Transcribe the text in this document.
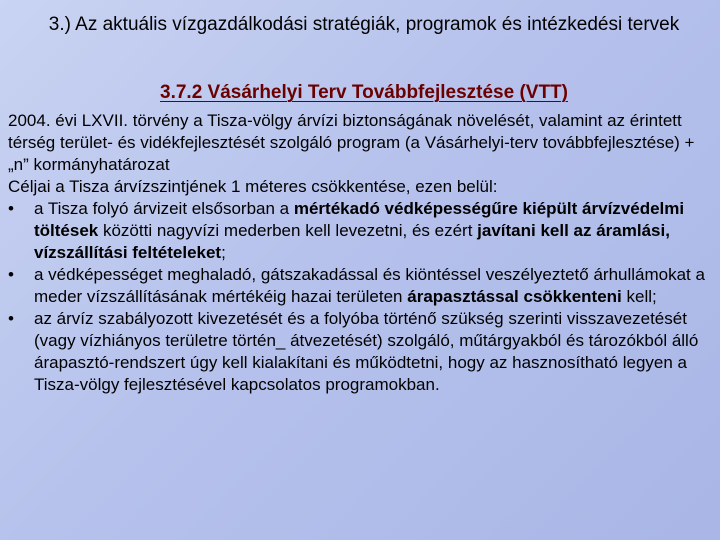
3.) Az aktuális vízgazdálkodási stratégiák, programok és intézkedési tervek
3.7.2 Vásárhelyi Terv Továbbfejlesztése (VTT)

2004. évi LXVII. törvény a Tisza-völgy árvízi biztonságának növelését, valamint az érintett térség terület- és vidékfejlesztését szolgáló program (a Vásárhelyi-terv továbbfejlesztése) + „n” kormányhatározat

Céljai a Tisza árvízszintjének 1 méteres csökkentése, ezen belül:

•	a Tisza folyó árvizeit elsősorban a mértékadó védképességűre kiépült árvízvédelmi töltések közötti nagyvízi mederben kell levezetni, és ezért javítani kell az áramlási, vízszállítási feltételeket;
•	a védképességet meghaladó, gátszakadással és kiöntéssel veszélyeztető árhullámokat a meder vízszállításának mértékéig hazai területen árapasztással csökkenteni kell;
•	az árvíz szabályozott kivezetését és a folyóba történő szükség szerinti visszavezetését (vagy vízhiányos területre történ_ átvezetését) szolgáló, műtárgyakból és tározókból álló árapasztó-rendszert úgy kell kialakítani és működtetni, hogy az hasznosítható legyen a Tisza-völgy fejlesztésével kapcsolatos programokban.
